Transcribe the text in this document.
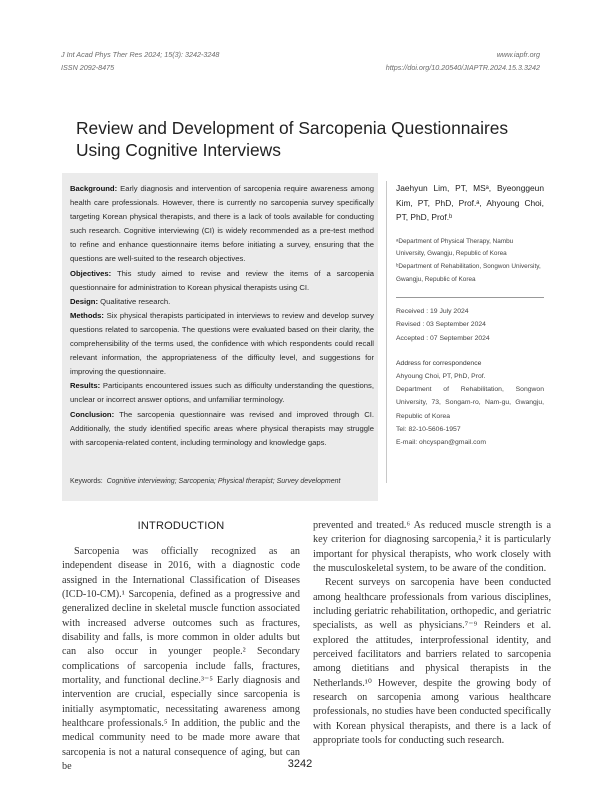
J Int Acad Phys Ther Res 2024; 15(3): 3242-3248
ISSN 2092-8475
www.iapfr.org
https://doi.org/10.20540/JIAPTR.2024.15.3.3242
Review and Development of Sarcopenia Questionnaires
Using Cognitive Interviews

Background: Early diagnosis and intervention of sarcopenia require awareness among health care professionals. However, there is currently no sarcopenia survey specifically targeting Korean physical therapists, and there is a lack of tools available for conducting such research. Cognitive interviewing (CI) is widely recommended as a pre-test method to refine and enhance questionnaire items before initiating a survey, ensuring that the questions are well-suited to the research objectives.

Objectives: This study aimed to revise and review the items of a sarcopenia questionnaire for administration to Korean physical therapists using CI.

Design: Qualitative research.

Methods: Six physical therapists participated in interviews to review and develop survey questions related to sarcopenia. The questions were evaluated based on their clarity, the comprehensibility of the terms used, the confidence with which respondents could recall relevant information, the appropriateness of the difficulty level, and suggestions for improving the questionnaire.

Results: Participants encountered issues such as difficulty understanding the questions, unclear or incorrect answer options, and unfamiliar terminology.

Conclusion: The sarcopenia questionnaire was revised and improved through CI. Additionally, the study identified specific areas where physical therapists may struggle with sarcopenia-related content, including terminology and knowledge gaps.

Keywords: Cognitive interviewing; Sarcopenia; Physical therapist; Survey development
Jaehyun Lim, PT, MSᵃ, Byeonggeun Kim, PT, PhD, Prof.ᵃ, Ahyoung Choi, PT, PhD, Prof.ᵇ
ᵃDepartment of Physical Therapy, Nambu University, Gwangju, Republic of Korea
ᵇDepartment of Rehabilitation, Songwon University, Gwangju, Republic of Korea
Received : 19 July 2024
Revised : 03 September 2024
Accepted : 07 September 2024
Address for correspondence
Ahyoung Choi, PT, PhD, Prof.
Department of Rehabilitation, Songwon University, 73, Songam-ro, Nam-gu, Gwangju, Republic of Korea
Tel: 82-10-5606-1957
E-mail: ohcyspan@gmail.com
INTRODUCTION

Sarcopenia was officially recognized as an independent disease in 2016, with a diagnostic code assigned in the International Classification of Diseases (ICD-10-CM).¹ Sarcopenia, defined as a progressive and generalized decline in skeletal muscle function associated with increased adverse outcomes such as fractures, disability and falls, is more common in older adults but can also occur in younger people.² Secondary complications of sarcopenia include falls, fractures, mortality, and functional decline.³⁻⁵ Early diagnosis and intervention are crucial, especially since sarcopenia is initially asymptomatic, necessitating awareness among healthcare professionals.⁵ In addition, the public and the medical community need to be made more aware that sarcopenia is not a natural consequence of aging, but can be

prevented and treated.⁶ As reduced muscle strength is a key criterion for diagnosing sarcopenia,² it is particularly important for physical therapists, who work closely with the musculoskeletal system, to be aware of the condition.

Recent surveys on sarcopenia have been conducted among healthcare professionals from various disciplines, including geriatric rehabilitation, orthopedic, and geriatric specialists, as well as physicians.⁷⁻⁹ Reinders et al. explored the attitudes, interprofessional identity, and perceived facilitators and barriers related to sarcopenia among dietitians and physical therapists in the Netherlands.¹⁰ However, despite the growing body of research on sarcopenia among various healthcare professionals, no studies have been conducted specifically with Korean physical therapists, and there is a lack of appropriate tools for conducting such research.

3242
